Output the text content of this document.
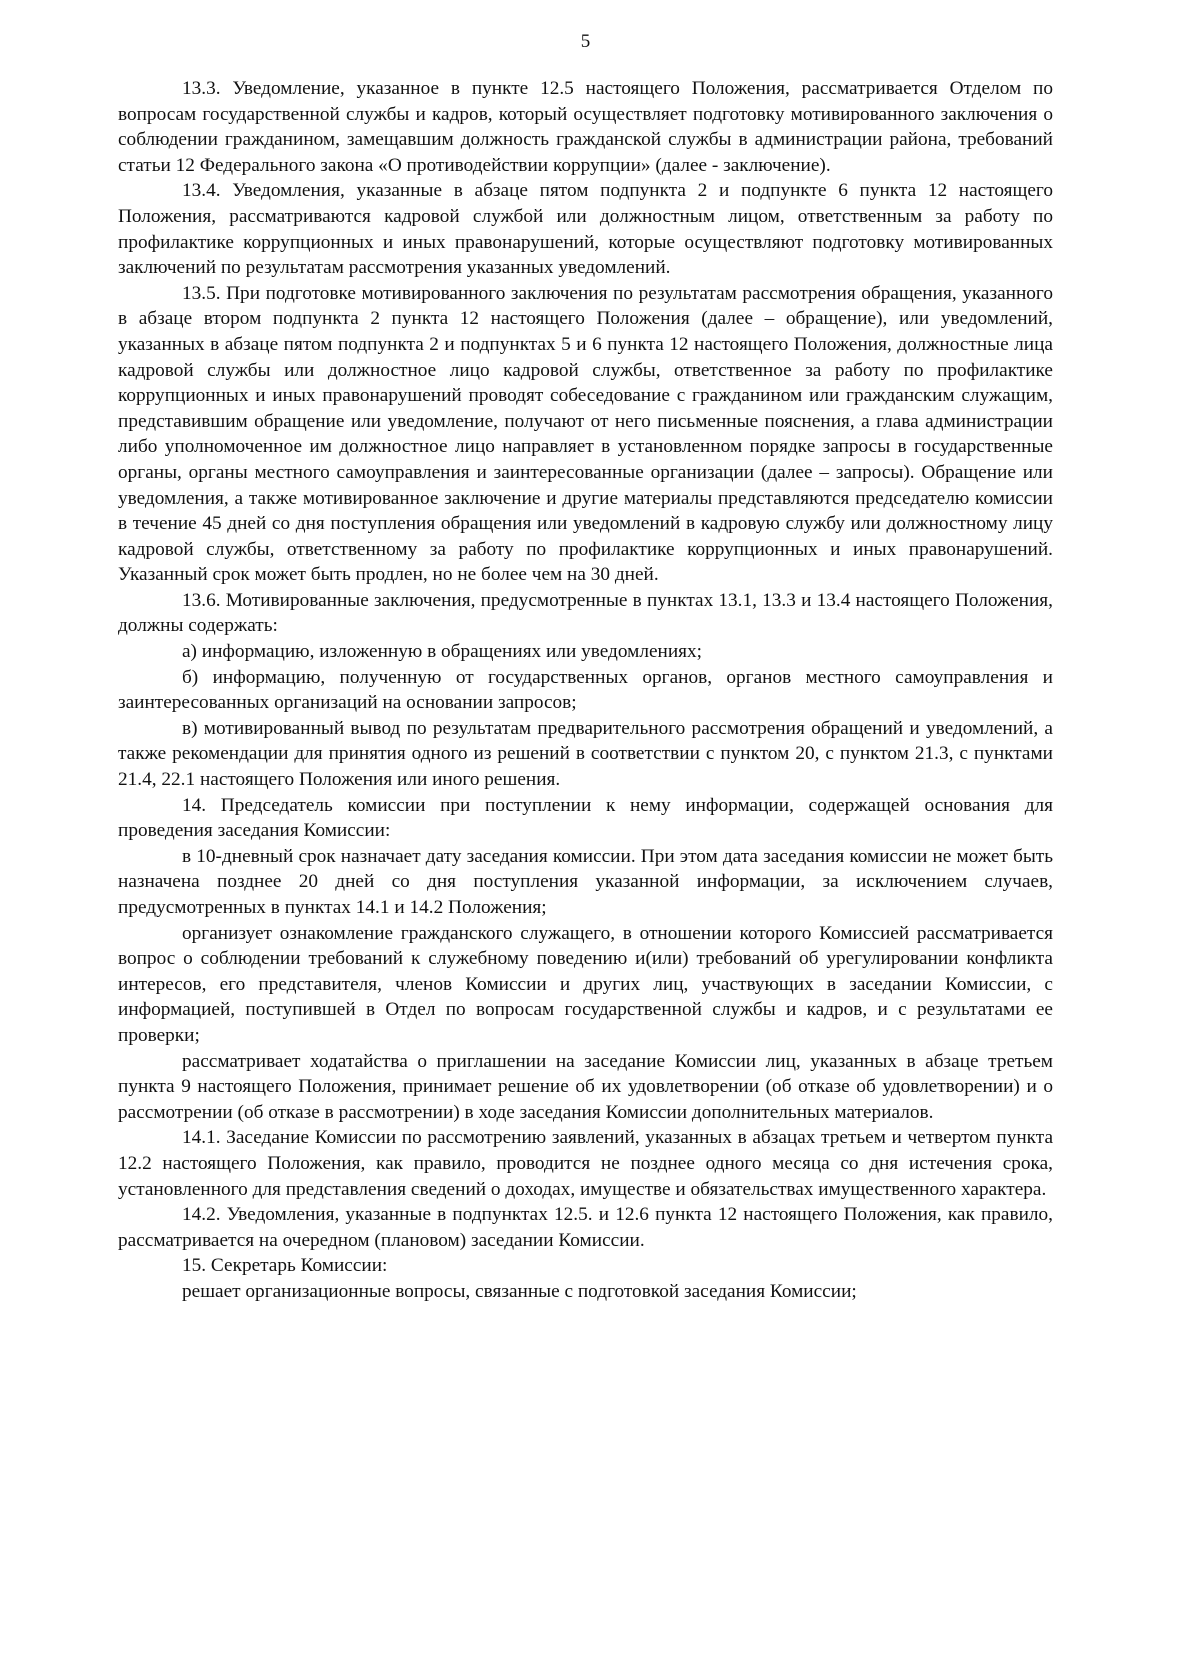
5

13.3. Уведомление, указанное в пункте 12.5 настоящего Положения, рассматривается Отделом по вопросам государственной службы и кадров, который осуществляет подготовку мотивированного заключения о соблюдении гражданином, замещавшим должность гражданской службы в администрации района, требований статьи 12 Федерального закона «О противодействии коррупции» (далее - заключение).

13.4. Уведомления, указанные в абзаце пятом подпункта 2 и подпункте 6 пункта 12 настоящего Положения, рассматриваются кадровой службой или должностным лицом, ответственным за работу по профилактике коррупционных и иных правонарушений, которые осуществляют подготовку мотивированных заключений по результатам рассмотрения указанных уведомлений.

13.5. При подготовке мотивированного заключения по результатам рассмотрения обращения, указанного в абзаце втором подпункта 2 пункта 12 настоящего Положения (далее – обращение), или уведомлений, указанных в абзаце пятом подпункта 2 и подпунктах 5 и 6 пункта 12 настоящего Положения, должностные лица кадровой службы или должностное лицо кадровой службы, ответственное за работу по профилактике коррупционных и иных правонарушений проводят собеседование с гражданином или гражданским служащим, представившим обращение или уведомление, получают от него письменные пояснения, а глава администрации либо уполномоченное им должностное лицо направляет в установленном порядке запросы в государственные органы, органы местного самоуправления и заинтересованные организации (далее – запросы). Обращение или уведомления, а также мотивированное заключение и другие материалы представляются председателю комиссии в течение 45 дней со дня поступления обращения или уведомлений в кадровую службу или должностному лицу кадровой службы, ответственному за работу по профилактике коррупционных и иных правонарушений. Указанный срок может быть продлен, но не более чем на 30 дней.

13.6. Мотивированные заключения, предусмотренные в пунктах 13.1, 13.3 и 13.4 настоящего Положения, должны содержать:

а) информацию, изложенную в обращениях или уведомлениях;

б) информацию, полученную от государственных органов, органов местного самоуправления и заинтересованных организаций на основании запросов;

в) мотивированный вывод по результатам предварительного рассмотрения обращений и уведомлений, а также рекомендации для принятия одного из решений в соответствии с пунктом 20, с пунктом 21.3, с пунктами 21.4, 22.1 настоящего Положения или иного решения.

14. Председатель комиссии при поступлении к нему информации, содержащей основания для проведения заседания Комиссии:

в 10-дневный срок назначает дату заседания комиссии. При этом дата заседания комиссии не может быть назначена позднее 20 дней со дня поступления указанной информации, за исключением случаев, предусмотренных в пунктах 14.1 и 14.2 Положения;

организует ознакомление гражданского служащего, в отношении которого Комиссией рассматривается вопрос о соблюдении требований к служебному поведению и(или) требований об урегулировании конфликта интересов, его представителя, членов Комиссии и других лиц, участвующих в заседании Комиссии, с информацией, поступившей в Отдел по вопросам государственной службы и кадров, и с результатами ее проверки;

рассматривает ходатайства о приглашении на заседание Комиссии лиц, указанных в абзаце третьем пункта 9 настоящего Положения, принимает решение об их удовлетворении (об отказе об удовлетворении) и о рассмотрении (об отказе в рассмотрении) в ходе заседания Комиссии дополнительных материалов.

14.1. Заседание Комиссии по рассмотрению заявлений, указанных в абзацах третьем и четвертом пункта 12.2 настоящего Положения, как правило, проводится не позднее одного месяца со дня истечения срока, установленного для представления сведений о доходах, имуществе и обязательствах имущественного характера.

14.2. Уведомления, указанные в подпунктах 12.5. и 12.6 пункта 12 настоящего Положения, как правило, рассматривается на очередном (плановом) заседании Комиссии.

15. Секретарь Комиссии:

решает организационные вопросы, связанные с подготовкой заседания Комиссии;
